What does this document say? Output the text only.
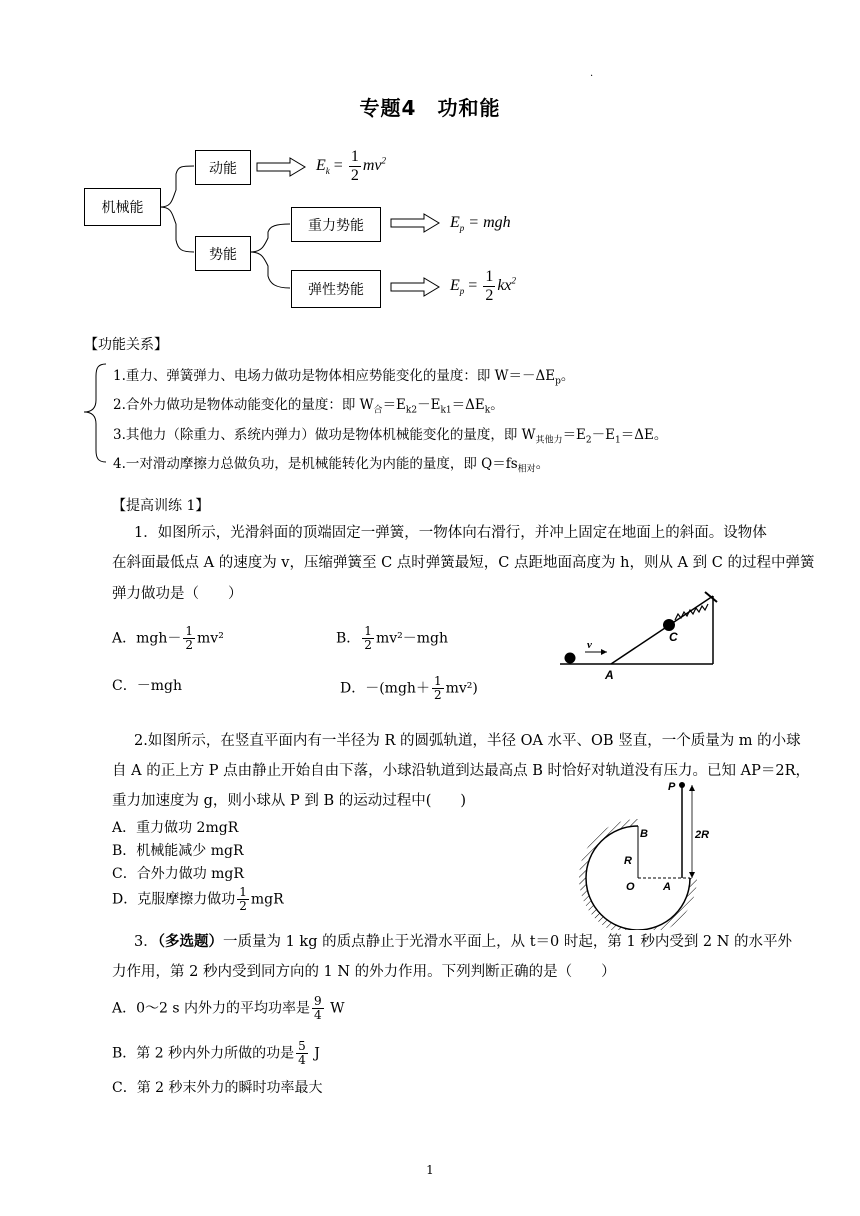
.
专题4　功和能
机械能
动能
势能
重力势能
弹性势能
$E_k = \frac{1}{2} mv^2$
$E_p$ = mgh
$E_p = \frac{1}{2} kx^2$
【功能关系】
1.重力、弹簧弹力、电场力做功是物体相应势能变化的量度：即 $W=-\Delta E_p$。
2.合外力做功是物体动能变化的量度：即 $W_合=E_{k2}-E_{k1}=\Delta E_k$。
3.其他力（除重力、系统内弹力）做功是物体机械能变化的量度，即 $W_{其他力}=E_2-E_1=\Delta E$。
4.一对滑动摩擦力总做负功，是机械能转化为内能的量度，即 $Q=fs_{相对}$。
【提高训练 1】
1．如图所示，光滑斜面的顶端固定一弹簧，一物体向右滑行，并冲上固定在地面上的斜面。设物体
在斜面最低点 A 的速度为 v，压缩弹簧至 C 点时弹簧最短，C 点距地面高度为 h，则从 A 到 C 的过程中弹簧
弹力做功是（　　）
A．$mgh- \frac{1}{2} mv^2$	B． $\frac{1}{2} mv^2-mgh$
C．－mgh	D．$-(mgh+ \frac{1}{2} mv^2)$
v
A
C
2.如图所示，在竖直平面内有一半径为 R 的圆弧轨道，半径 OA 水平、OB 竖直，一个质量为 m 的小球
自 A 的正上方 P 点由静止开始自由下落，小球沿轨道到达最高点 B 时恰好对轨道没有压力。已知 AP＝2R，
重力加速度为 g，则小球从 P 到 B 的运动过程中(　　)
A．重力做功 2mgR
B．机械能减少 mgR
C．合外力做功 mgR
D．克服摩擦力做功 $\frac{1}{2}$ mgR
P
B
R
O	A
2R
3．（多选题）一质量为 1 kg 的质点静止于光滑水平面上，从 t＝0 时起，第 1 秒内受到 2 N 的水平外
力作用，第 2 秒内受到同方向的 1 N 的外力作用。下列判断正确的是（　　）
A．0～2 s 内外力的平均功率是 $\frac{9}{4}$ W
B．第 2 秒内外力所做的功是 $\frac{5}{4}$ J
C．第 2 秒末外力的瞬时功率最大
1
